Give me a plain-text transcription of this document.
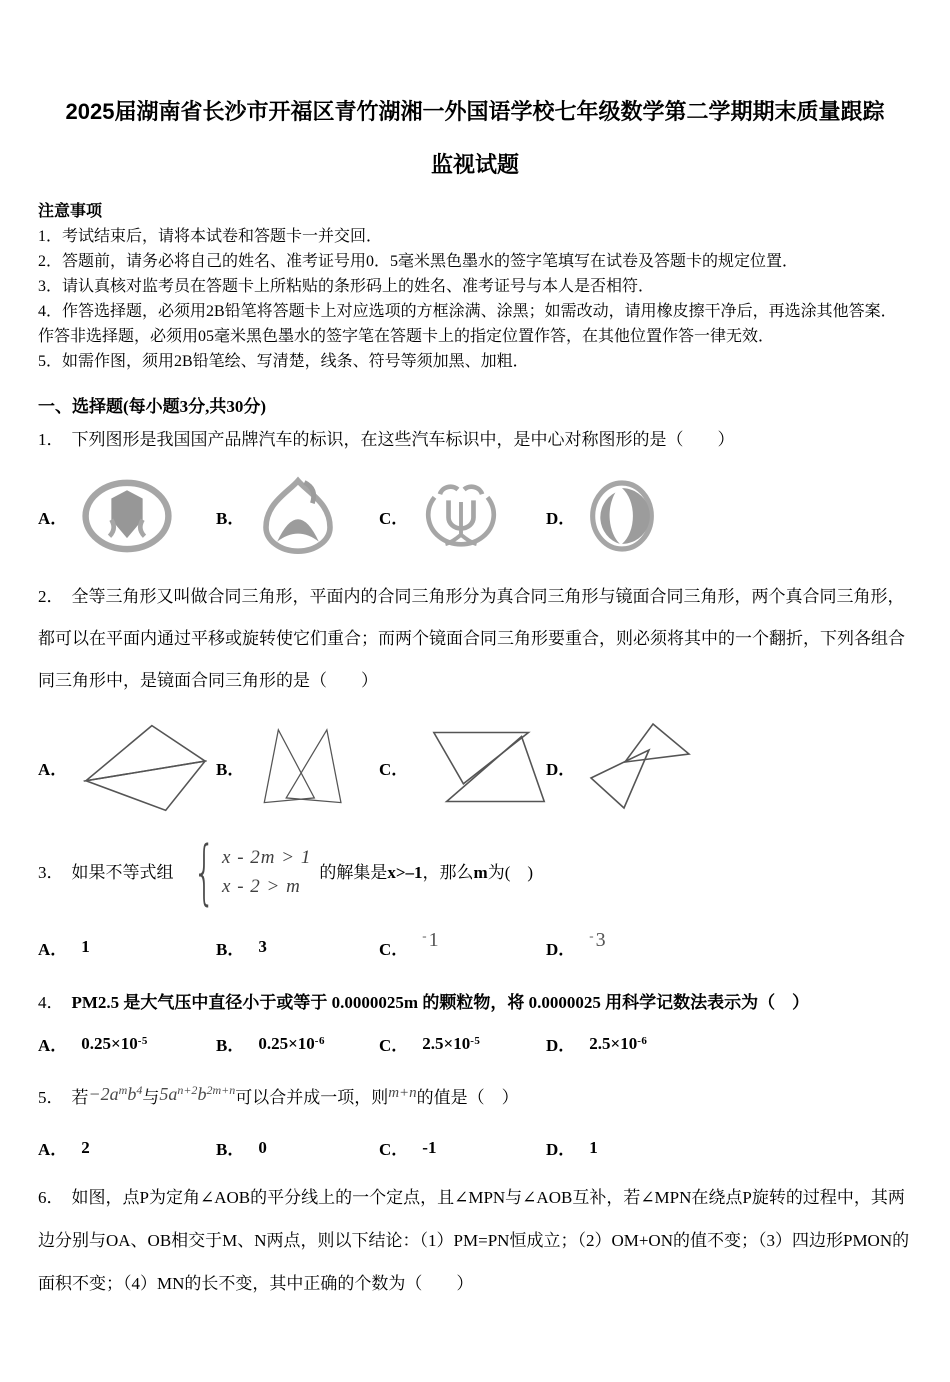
2025届湖南省长沙市开福区青竹湖湘一外国语学校七年级数学第二学期期末质量跟踪
监视试题
注意事项

1．考试结束后，请将本试卷和答题卡一并交回．

2．答题前，请务必将自己的姓名、准考证号用0．5毫米黑色墨水的签字笔填写在试卷及答题卡的规定位置．

3．请认真核对监考员在答题卡上所粘贴的条形码上的姓名、准考证号与本人是否相符．

4．作答选择题，必须用2B铅笔将答题卡上对应选项的方框涂满、涂黑；如需改动，请用橡皮擦干净后，再选涂其他答案．作答非选择题，必须用05毫米黑色墨水的签字笔在答题卡上的指定位置作答，在其他位置作答一律无效．

5．如需作图，须用2B铅笔绘、写清楚，线条、符号等须加黑、加粗．

一、选择题(每小题3分,共30分)

1． 下列图形是我国国产品牌汽车的标识，在这些汽车标识中，是中心对称图形的是（　　）

A．	B．	C．	D．

2． 全等三角形又叫做合同三角形，平面内的合同三角形分为真合同三角形与镜面合同三角形，两个真合同三角形，都可以在平面内通过平移或旋转使它们重合；而两个镜面合同三角形要重合，则必须将其中的一个翻折，下列各组合同三角形中，是镜面合同三角形的是（　　）

A．	B．	C．	D．
3． 如果不等式组 { x - 2m > 1
x - 2 > m
的解集是x>–1，那么m为(　)
A． 1	B． 3	C．
- 1	D．
- 3

4． PM2.5 是大气压中直径小于或等于 0.0000025m 的颗粒物，将 0.0000025 用科学记数法表示为（　）

A． $0.25\times 10^{-5}$	B． $0.25\times 10^{-6}$	C． $2.5\times 10^{-5}$	D． $2.5\times 10^{-6}$

5． 若$-2a^mb^4$与$5a^{n+2}b^{2m+n}$可以合并成一项，则m+n的值是（　）

A． 2	B． 0	C． -1	D． 1

6． 如图，点P为定角∠AOB的平分线上的一个定点，且∠MPN与∠AOB互补，若∠MPN在绕点P旋转的过程中，其两边分别与OA、OB相交于M、N两点，则以下结论：（1）PM=PN恒成立；（2）OM+ON的值不变；（3）四边形PMON的面积不变；（4）MN的长不变，其中正确的个数为（　　）
